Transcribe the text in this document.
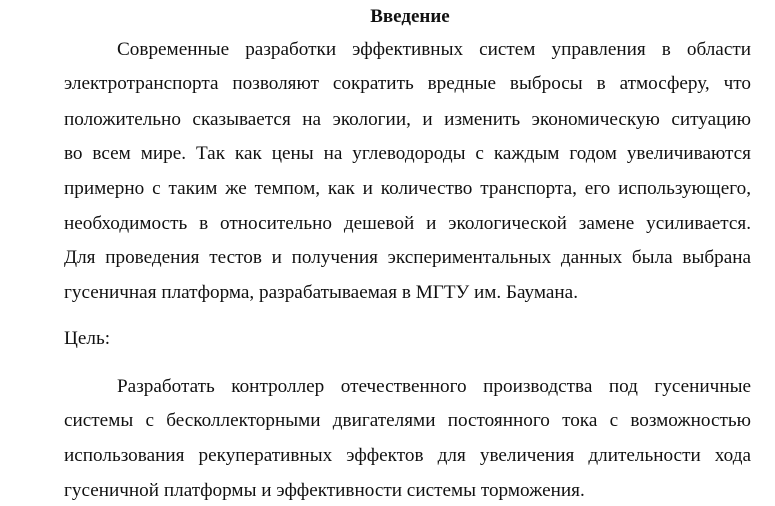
Введение

Современные разработки эффективных систем управления в области

электротранспорта позволяют сократить вредные выбросы в атмосферу, что

положительно сказывается на экологии, и изменить экономическую ситуацию

во всем мире. Так как цены на углеводороды с каждым годом увеличиваются

примерно с таким же темпом, как и количество транспорта, его использующего,

необходимость в относительно дешевой и экологической замене усиливается.

Для проведения тестов и получения экспериментальных данных была выбрана

гусеничная платформа, разрабатываемая в МГТУ им. Баумана.

Цель:

Разработать контроллер отечественного производства под гусеничные

системы с бесколлекторными двигателями постоянного тока с возможностью

использования рекуперативных эффектов для увеличения длительности хода

гусеничной платформы и эффективности системы торможения.
